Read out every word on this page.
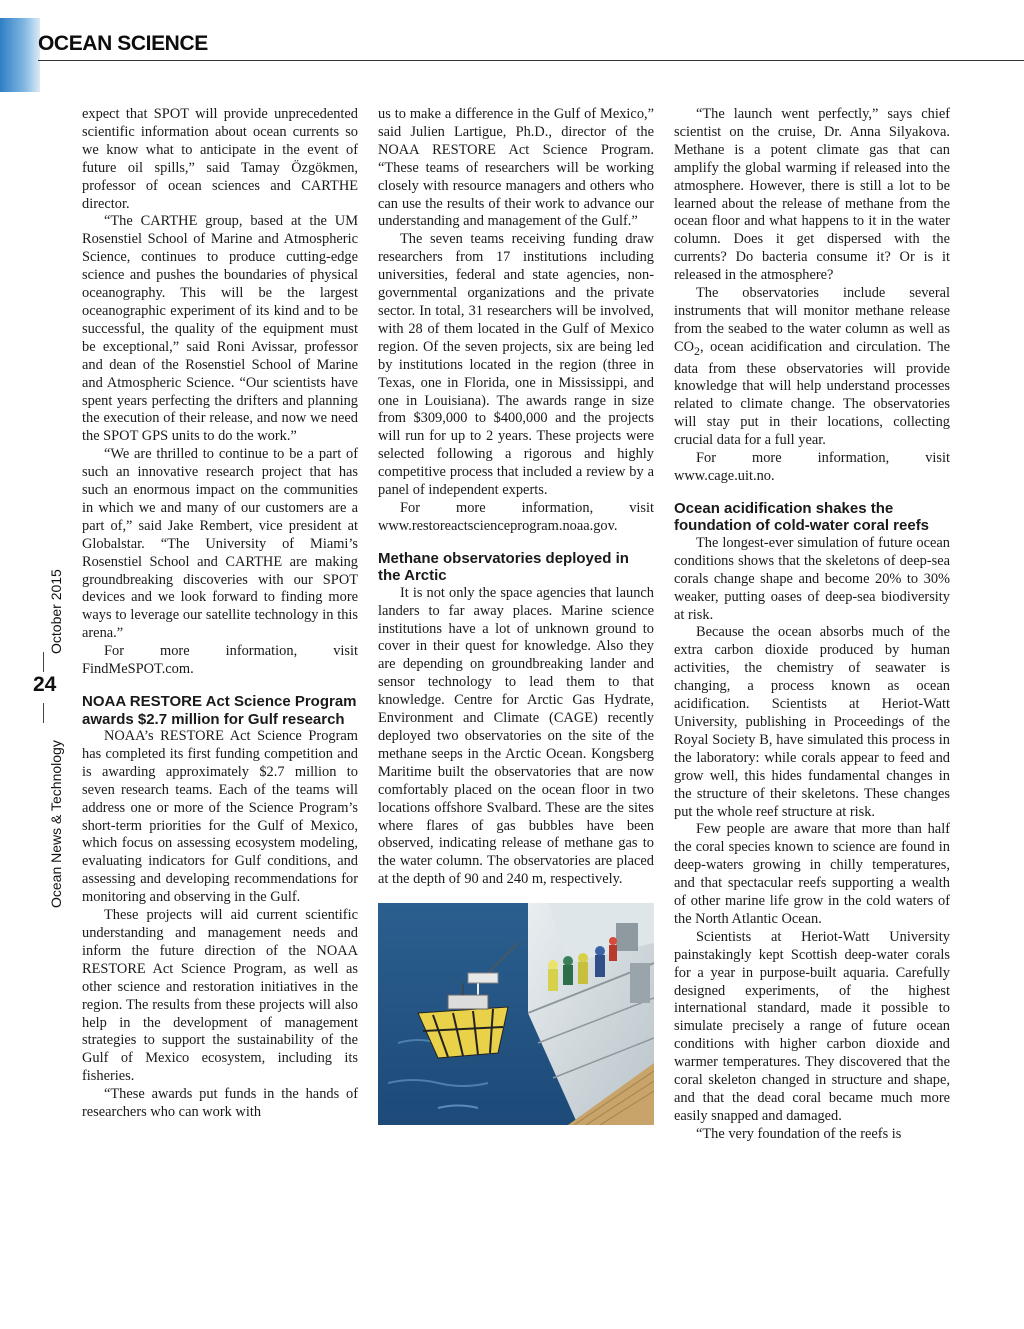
OCEAN SCIENCE
Ocean News & Technology
October 2015
24

expect that SPOT will provide unprecedented scientific information about ocean currents so we know what to anticipate in the event of future oil spills,” said Tamay Özgökmen, professor of ocean sciences and CARTHE director.

“The CARTHE group, based at the UM Rosenstiel School of Marine and Atmospheric Science, continues to produce cutting-edge science and pushes the boundaries of physical oceanography. This will be the largest oceanographic experiment of its kind and to be successful, the quality of the equipment must be exceptional,” said Roni Avissar, professor and dean of the Rosenstiel School of Marine and Atmospheric Science. “Our scientists have spent years perfecting the drifters and planning the execution of their release, and now we need the SPOT GPS units to do the work.”

“We are thrilled to continue to be a part of such an innovative research project that has such an enormous impact on the communities in which we and many of our customers are a part of,” said Jake Rembert, vice president at Globalstar. “The University of Miami’s Rosenstiel School and CARTHE are making groundbreaking discoveries with our SPOT devices and we look forward to finding more ways to leverage our satellite technology in this arena.”

For more information, visit FindMeSPOT.com.

NOAA RESTORE Act Science Program awards $2.7 million for Gulf research

NOAA’s RESTORE Act Science Program has completed its first funding competition and is awarding approximately $2.7 million to seven research teams. Each of the teams will address one or more of the Science Program’s short-term priorities for the Gulf of Mexico, which focus on assessing ecosystem modeling, evaluating indicators for Gulf conditions, and assessing and developing recommendations for monitoring and observing in the Gulf.

These projects will aid current scientific understanding and management needs and inform the future direction of the NOAA RESTORE Act Science Program, as well as other science and restoration initiatives in the region. The results from these projects will also help in the development of management strategies to support the sustainability of the Gulf of Mexico ecosystem, including its fisheries.

“These awards put funds in the hands of researchers who can work with

us to make a difference in the Gulf of Mexico,” said Julien Lartigue, Ph.D., director of the NOAA RESTORE Act Science Program. “These teams of researchers will be working closely with resource managers and others who can use the results of their work to advance our understanding and management of the Gulf.”

The seven teams receiving funding draw researchers from 17 institutions including universities, federal and state agencies, non-governmental organizations and the private sector. In total, 31 researchers will be involved, with 28 of them located in the Gulf of Mexico region. Of the seven projects, six are being led by institutions located in the region (three in Texas, one in Florida, one in Mississippi, and one in Louisiana). The awards range in size from $309,000 to $400,000 and the projects will run for up to 2 years. These projects were selected following a rigorous and highly competitive process that included a review by a panel of independent experts.

For more information, visit www.restoreactscienceprogram.noaa.gov.

Methane observatories deployed in the Arctic

It is not only the space agencies that launch landers to far away places. Marine science institutions have a lot of unknown ground to cover in their quest for knowledge. Also they are depending on groundbreaking lander and sensor technology to lead them to that knowledge. Centre for Arctic Gas Hydrate, Environment and Climate (CAGE) recently deployed two observatories on the site of the methane seeps in the Arctic Ocean. Kongsberg Maritime built the observatories that are now comfortably placed on the ocean floor in two locations offshore Svalbard. These are the sites where flares of gas bubbles have been observed, indicating release of methane gas to the water column. The observatories are placed at the depth of 90 and 240 m, respectively.

“The launch went perfectly,” says chief scientist on the cruise, Dr. Anna Silyakova. Methane is a potent climate gas that can amplify the global warming if released into the atmosphere. However, there is still a lot to be learned about the release of methane from the ocean floor and what happens to it in the water column. Does it get dispersed with the currents? Do bacteria consume it? Or is it released in the atmosphere?

The observatories include several instruments that will monitor methane release from the seabed to the water column as well as $CO_2$, ocean acidification and circulation. The data from these observatories will provide knowledge that will help understand processes related to climate change. The observatories will stay put in their locations, collecting crucial data for a full year.

For more information, visit www.cage.uit.no.

Ocean acidification shakes the foundation of cold-water coral reefs

The longest-ever simulation of future ocean conditions shows that the skeletons of deep-sea corals change shape and become 20% to 30% weaker, putting oases of deep-sea biodiversity at risk.

Because the ocean absorbs much of the extra carbon dioxide produced by human activities, the chemistry of seawater is changing, a process known as ocean acidification. Scientists at Heriot-Watt University, publishing in Proceedings of the Royal Society B, have simulated this process in the laboratory: while corals appear to feed and grow well, this hides fundamental changes in the structure of their skeletons. These changes put the whole reef structure at risk.

Few people are aware that more than half the coral species known to science are found in deep-waters growing in chilly temperatures, and that spectacular reefs supporting a wealth of other marine life grow in the cold waters of the North Atlantic Ocean.

Scientists at Heriot-Watt University painstakingly kept Scottish deep-water corals for a year in purpose-built aquaria. Carefully designed experiments, of the highest international standard, made it possible to simulate precisely a range of future ocean conditions with higher carbon dioxide and warmer temperatures. They discovered that the coral skeleton changed in structure and shape, and that the dead coral became much more easily snapped and damaged.

“The very foundation of the reefs is
